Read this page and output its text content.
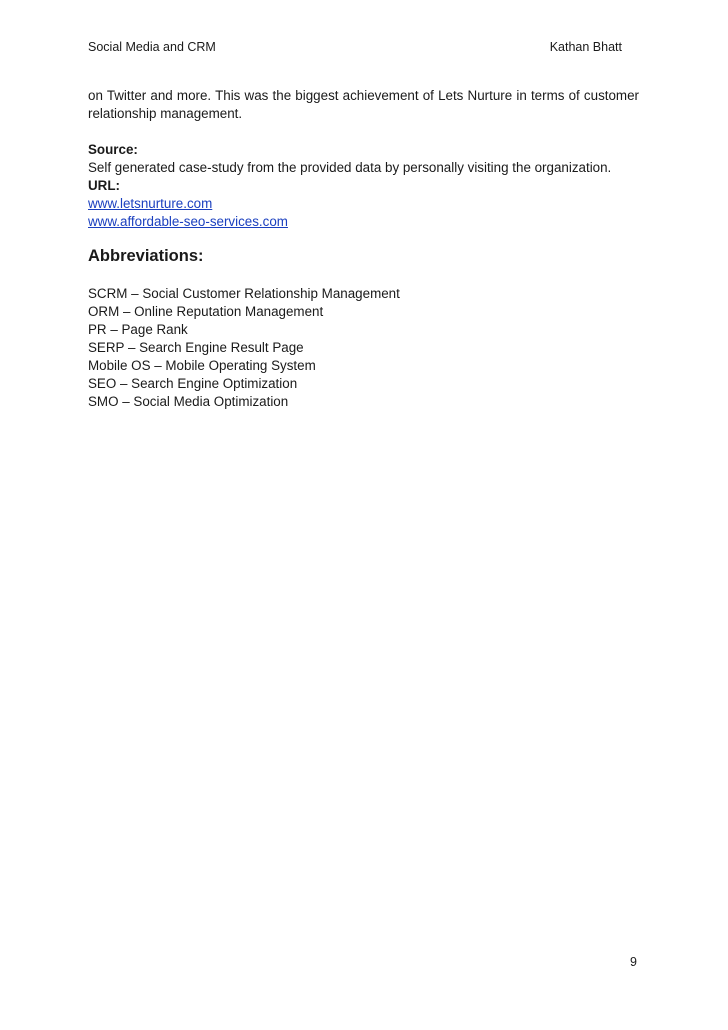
Social Media and CRM	Kathan Bhatt

on Twitter and more. This was the biggest achievement of Lets Nurture in terms of customer relationship management.

Source:
Self generated case-study from the provided data by personally visiting the organization.
URL:
www.letsnurture.com
www.affordable-seo-services.com
Abbreviations:
SCRM – Social Customer Relationship Management
ORM – Online Reputation Management
PR – Page Rank
SERP – Search Engine Result Page
Mobile OS – Mobile Operating System
SEO – Search Engine Optimization
SMO – Social Media Optimization
9
